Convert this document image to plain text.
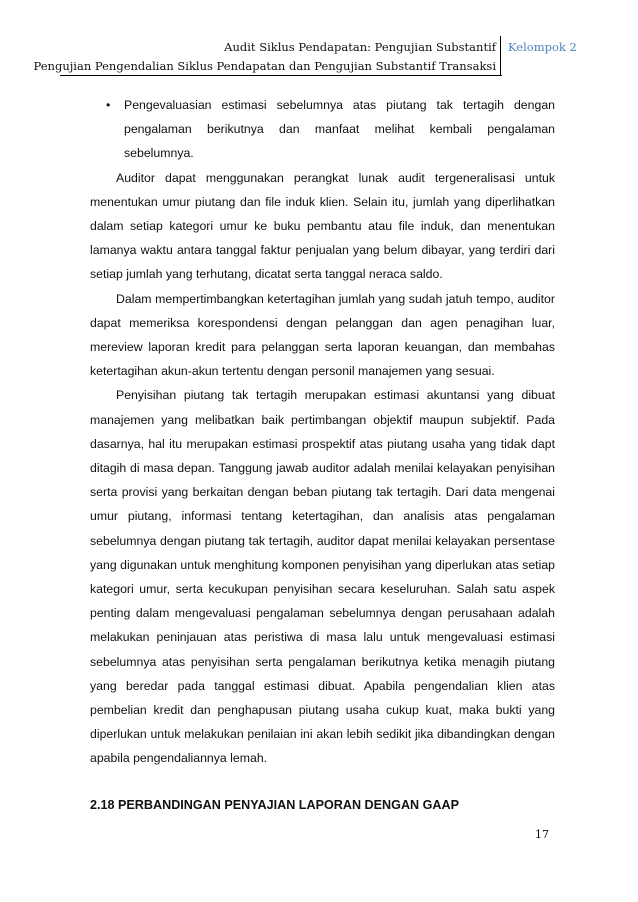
Audit Siklus Pendapatan: Pengujian Substantif
Pengujian Pengendalian Siklus Pendapatan dan Pengujian Substantif Transaksi
Kelompok 2

• Pengevaluasian estimasi sebelumnya atas piutang tak tertagih dengan pengalaman berikutnya dan manfaat melihat kembali pengalaman sebelumnya.

Auditor dapat menggunakan perangkat lunak audit tergeneralisasi untuk menentukan umur piutang dan file induk klien. Selain itu, jumlah yang diperlihatkan dalam setiap kategori umur ke buku pembantu atau file induk, dan menentukan lamanya waktu antara tanggal faktur penjualan yang belum dibayar, yang terdiri dari setiap jumlah yang terhutang, dicatat serta tanggal neraca saldo.

Dalam mempertimbangkan ketertagihan jumlah yang sudah jatuh tempo, auditor dapat memeriksa korespondensi dengan pelanggan dan agen penagihan luar, mereview laporan kredit para pelanggan serta laporan keuangan, dan membahas ketertagihan akun-akun tertentu dengan personil manajemen yang sesuai.

Penyisihan piutang tak tertagih merupakan estimasi akuntansi yang dibuat manajemen yang melibatkan baik pertimbangan objektif maupun subjektif. Pada dasarnya, hal itu merupakan estimasi prospektif atas piutang usaha yang tidak dapt ditagih di masa depan. Tanggung jawab auditor adalah menilai kelayakan penyisihan serta provisi yang berkaitan dengan beban piutang tak tertagih. Dari data mengenai umur piutang, informasi tentang ketertagihan, dan analisis atas pengalaman sebelumnya dengan piutang tak tertagih, auditor dapat menilai kelayakan persentase yang digunakan untuk menghitung komponen penyisihan yang diperlukan atas setiap kategori umur, serta kecukupan penyisihan secara keseluruhan. Salah satu aspek penting dalam mengevaluasi pengalaman sebelumnya dengan perusahaan adalah melakukan peninjauan atas peristiwa di masa lalu untuk mengevaluasi estimasi sebelumnya atas penyisihan serta pengalaman berikutnya ketika menagih piutang yang beredar pada tanggal estimasi dibuat. Apabila pengendalian klien atas pembelian kredit dan penghapusan piutang usaha cukup kuat, maka bukti yang diperlukan untuk melakukan penilaian ini akan lebih sedikit jika dibandingkan dengan apabila pengendaliannya lemah.

2.18 PERBANDINGAN PENYAJIAN LAPORAN DENGAN GAAP

17
